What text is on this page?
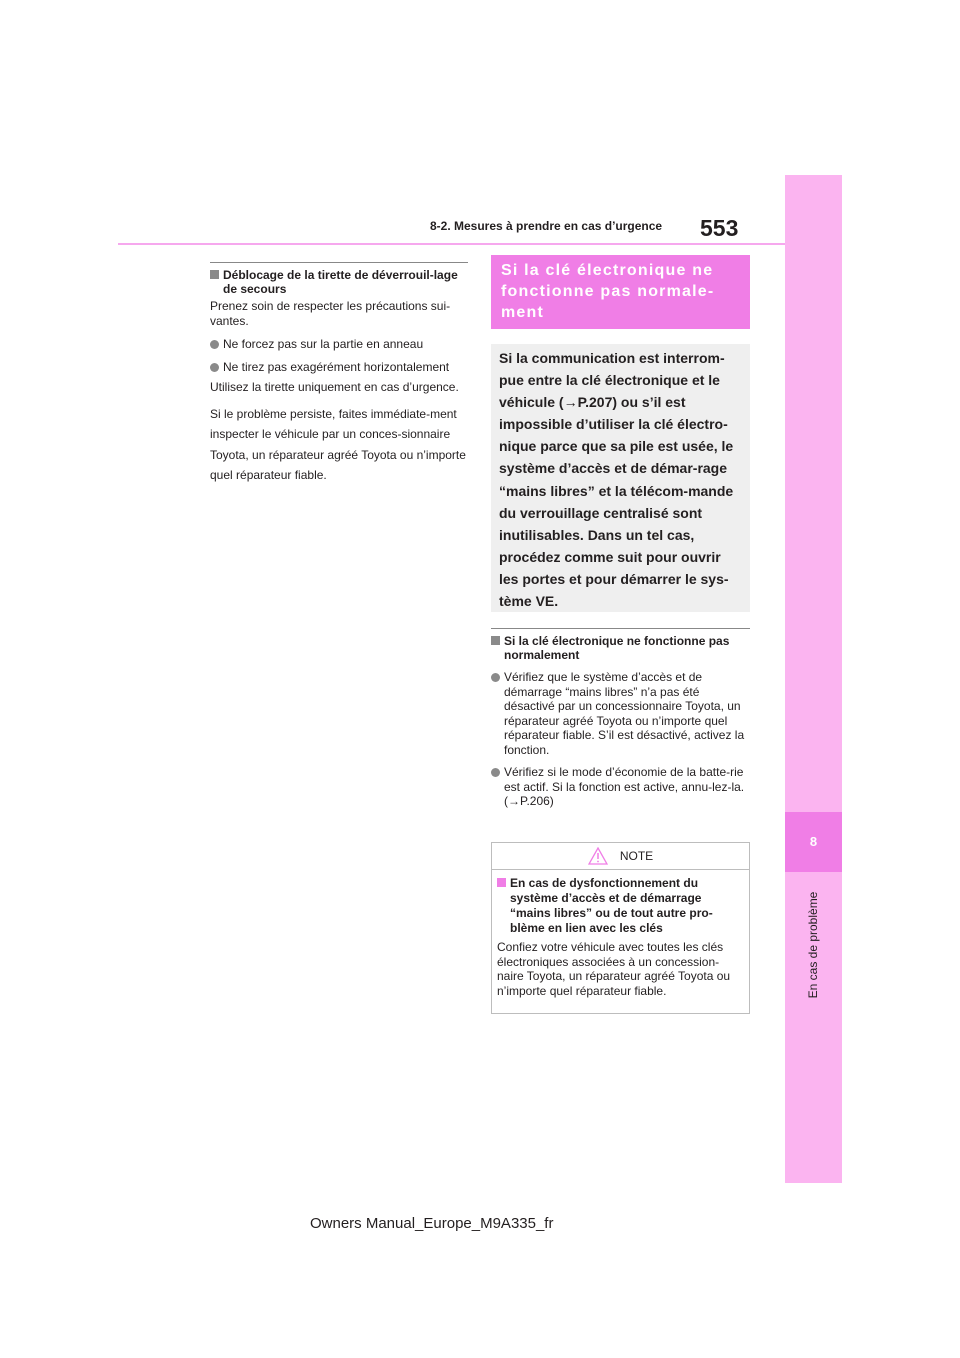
8
En cas de problème
8-2. Mesures à prendre en cas d’urgence 553
Déblocage de la tirette de déverrouil-lage de secours
Prenez soin de respecter les précautions sui-vantes.
Ne forcez pas sur la partie en anneau
Ne tirez pas exagérément horizontalement
Utilisez la tirette uniquement en cas d’urgence.
Si le problème persiste, faites immédiate-ment inspecter le véhicule par un conces-sionnaire Toyota, un réparateur agréé Toyota ou n’importe quel réparateur fiable.
Si la clé électronique ne fonctionne pas normale-ment
Si la communication est interrom-pue entre la clé électronique et le véhicule (→P.207) ou s’il est impossible d’utiliser la clé électro-nique parce que sa pile est usée, le système d’accès et de démar-rage “mains libres” et la télécom-mande du verrouillage centralisé sont inutilisables. Dans un tel cas, procédez comme suit pour ouvrir les portes et pour démarrer le sys-tème VE.
Si la clé électronique ne fonctionne pas normalement
Vérifiez que le système d’accès et de démarrage “mains libres” n’a pas été désactivé par un concessionnaire Toyota, un réparateur agréé Toyota ou n’importe quel réparateur fiable. S’il est désactivé, activez la fonction.
Vérifiez si le mode d’économie de la batte-rie est actif. Si la fonction est active, annu-lez-la. (→P.206)
NOTE
En cas de dysfonctionnement du système d’accès et de démarrage “mains libres” ou de tout autre pro-blème en lien avec les clés
Confiez votre véhicule avec toutes les clés électroniques associées à un concession-naire Toyota, un réparateur agréé Toyota ou n’importe quel réparateur fiable.
Owners Manual_Europe_M9A335_fr
